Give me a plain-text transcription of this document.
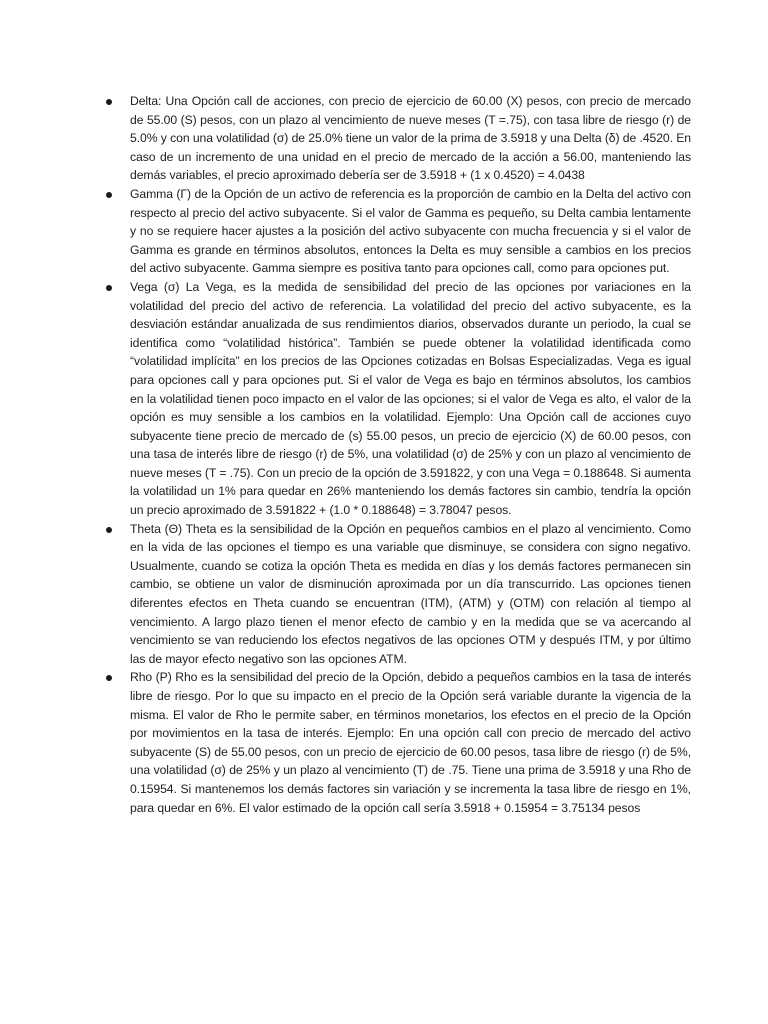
Delta: Una Opción call de acciones, con precio de ejercicio de 60.00 (X) pesos, con precio de mercado de 55.00 (S) pesos, con un plazo al vencimiento de nueve meses (T =.75), con tasa libre de riesgo (r) de 5.0% y con una volatilidad (σ) de 25.0% tiene un valor de la prima de 3.5918 y una Delta (δ) de .4520. En caso de un incremento de una unidad en el precio de mercado de la acción a 56.00, manteniendo las demás variables, el precio aproximado debería ser de 3.5918 + (1 x 0.4520) = 4.0438
Gamma (Γ) de la Opción de un activo de referencia es la proporción de cambio en la Delta del activo con respecto al precio del activo subyacente. Si el valor de Gamma es pequeño, su Delta cambia lentamente y no se requiere hacer ajustes a la posición del activo subyacente con mucha frecuencia y si el valor de Gamma es grande en términos absolutos, entonces la Delta es muy sensible a cambios en los precios del activo subyacente. Gamma siempre es positiva tanto para opciones call, como para opciones put.
Vega (σ) La Vega, es la medida de sensibilidad del precio de las opciones por variaciones en la volatilidad del precio del activo de referencia. La volatilidad del precio del activo subyacente, es la desviación estándar anualizada de sus rendimientos diarios, observados durante un periodo, la cual se identifica como “volatilidad histórica”. También se puede obtener la volatilidad identificada como “volatilidad implícita” en los precios de las Opciones cotizadas en Bolsas Especializadas. Vega es igual para opciones call y para opciones put. Si el valor de Vega es bajo en términos absolutos, los cambios en la volatilidad tienen poco impacto en el valor de las opciones; si el valor de Vega es alto, el valor de la opción es muy sensible a los cambios en la volatilidad. Ejemplo: Una Opción call de acciones cuyo subyacente tiene precio de mercado de (s) 55.00 pesos, un precio de ejercicio (X) de 60.00 pesos, con una tasa de interés libre de riesgo (r) de 5%, una volatilidad (σ) de 25% y con un plazo al vencimiento de nueve meses (T = .75). Con un precio de la opción de 3.591822, y con una Vega = 0.188648. Si aumenta la volatilidad un 1% para quedar en 26% manteniendo los demás factores sin cambio, tendría la opción un precio aproximado de 3.591822 + (1.0 * 0.188648) = 3.78047 pesos.
Theta (Θ) Theta es la sensibilidad de la Opción en pequeños cambios en el plazo al vencimiento. Como en la vida de las opciones el tiempo es una variable que disminuye, se considera con signo negativo. Usualmente, cuando se cotiza la opción Theta es medida en días y los demás factores permanecen sin cambio, se obtiene un valor de disminución aproximada por un día transcurrido. Las opciones tienen diferentes efectos en Theta cuando se encuentran (ITM), (ATM) y (OTM) con relación al tiempo al vencimiento. A largo plazo tienen el menor efecto de cambio y en la medida que se va acercando al vencimiento se van reduciendo los efectos negativos de las opciones OTM y después ITM, y por último las de mayor efecto negativo son las opciones ATM.
Rho (P) Rho es la sensibilidad del precio de la Opción, debido a pequeños cambios en la tasa de interés libre de riesgo. Por lo que su impacto en el precio de la Opción será variable durante la vigencia de la misma. El valor de Rho le permite saber, en términos monetarios, los efectos en el precio de la Opción por movimientos en la tasa de interés. Ejemplo: En una opción call con precio de mercado del activo subyacente (S) de 55.00 pesos, con un precio de ejercicio de 60.00 pesos, tasa libre de riesgo (r) de 5%, una volatilidad (σ) de 25% y un plazo al vencimiento (T) de .75. Tiene una prima de 3.5918 y una Rho de 0.15954. Si mantenemos los demás factores sin variación y se incrementa la tasa libre de riesgo en 1%, para quedar en 6%. El valor estimado de la opción call sería 3.5918 + 0.15954 = 3.75134 pesos
